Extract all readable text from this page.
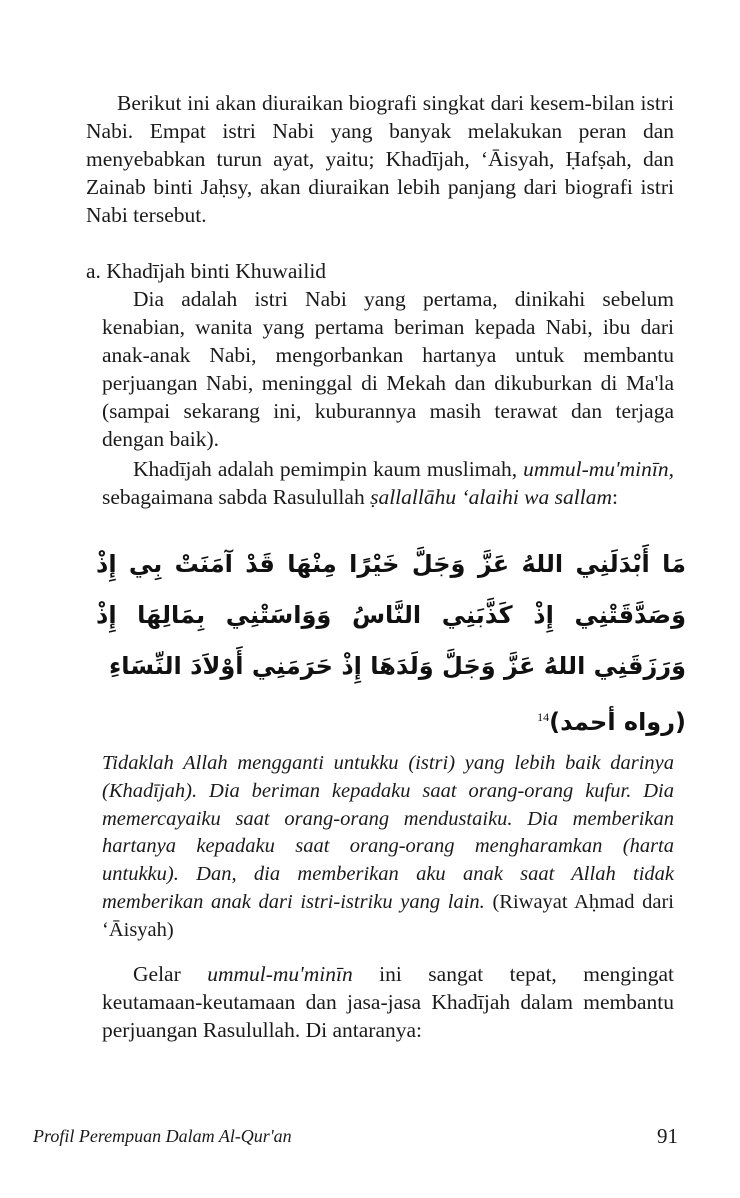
Berikut ini akan diuraikan biografi singkat dari kesem-bilan istri Nabi. Empat istri Nabi yang banyak melakukan peran dan menyebabkan turun ayat, yaitu; Khadījah, ‘Āisyah, Ḥafṣah, dan Zainab binti Jaḥsy, akan diuraikan lebih panjang dari biografi istri Nabi tersebut.

a. Khadījah binti Khuwailid

Dia adalah istri Nabi yang pertama, dinikahi sebelum kenabian, wanita yang pertama beriman kepada Nabi, ibu dari anak-anak Nabi, mengorbankan hartanya untuk membantu perjuangan Nabi, meninggal di Mekah dan dikuburkan di Ma'la (sampai sekarang ini, kuburannya masih terawat dan terjaga dengan baik).

Khadījah adalah pemimpin kaum muslimah, ummul-mu'minīn, sebagaimana sabda Rasulullah ṣallallāhu ‘alaihi wa sallam:

ﻣَﺎ ﺃَﺑْﺪَﻟَﻨِﻲ ﺍﻟﻠﻪُ ﻋَﺰَّ ﻭَﺟَﻞَّ ﺧَﻴْﺮًﺍ ﻣِﻨْﻬَﺎ ﻗَﺪْ ﺁﻣَﻨَﺖْ ﺑِﻲ ﺇِﺫْ
ﻭَﺻَﺪَّﻗَﺘْﻨِﻲ ﺇِﺫْ ﻛَﺬَّﺑَﻨِﻲ ﺍﻟﻨَّﺎﺱُ ﻭَﻭَﺍﺳَﺘْﻨِﻲ ﺑِﻤَﺎﻟِﻬَﺎ ﺇِﺫْ
ﻭَﺭَﺯَﻗَﻨِﻲ ﺍﻟﻠﻪُ ﻋَﺰَّ ﻭَﺟَﻞَّ ﻭَﻟَﺪَﻫَﺎ ﺇِﺫْ ﺣَﺮَﻣَﻨِﻲ ﺃَﻭْﻻَﺩَ ﺍﻟﻨِّﺴَﺎﺀِ
(ﺭﻭﺍﻩ ﺃﺣﻤﺪ)$^{14}$

Tidaklah Allah mengganti untukku (istri) yang lebih baik darinya (Khadījah). Dia beriman kepadaku saat orang-orang kufur. Dia memercayaiku saat orang-orang mendustaiku. Dia memberikan hartanya kepadaku saat orang-orang mengharamkan (harta untukku). Dan, dia memberikan aku anak saat Allah tidak memberikan anak dari istri-istriku yang lain. (Riwayat Aḥmad dari ‘Āisyah)

Gelar ummul-mu'minīn ini sangat tepat, mengingat keutamaan-keutamaan dan jasa-jasa Khadījah dalam membantu perjuangan Rasulullah. Di antaranya:

Profil Perempuan Dalam Al-Qur'an	91
